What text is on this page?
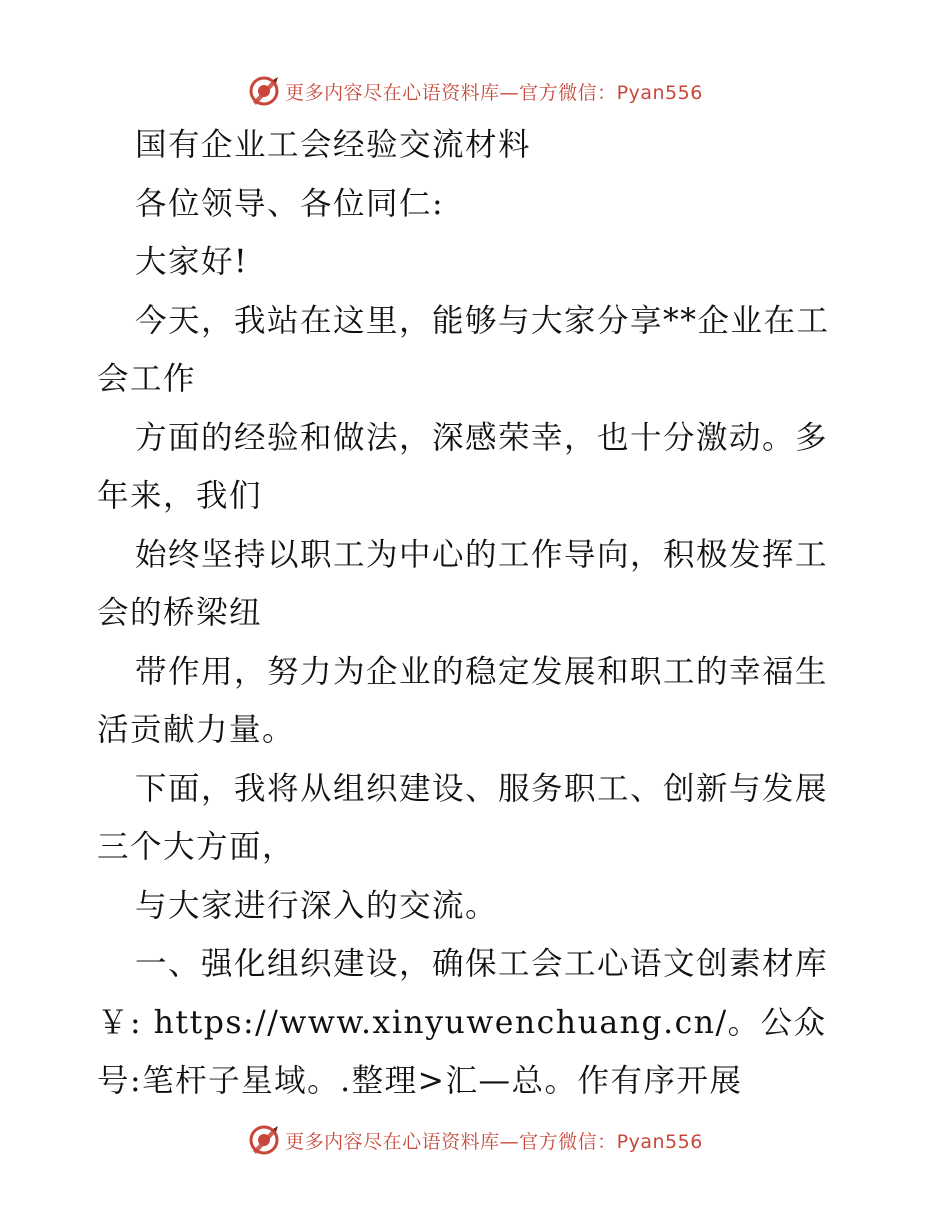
更多内容尽在心语资料库—官方微信：Pyan556

国有企业工会经验交流材料

各位领导、各位同仁:

大家好!

今天，我站在这里，能够与大家分享**企业在工会工作

方面的经验和做法，深感荣幸，也十分激动。多年来，我们

始终坚持以职工为中心的工作导向，积极发挥工会的桥梁纽

带作用，努力为企业的稳定发展和职工的幸福生活贡献力量。

下面，我将从组织建设、服务职工、创新与发展三个大方面，

与大家进行深入的交流。

一、强化组织建设，确保工会工心语文创素材库￥: https://www.xinyuwenchuang.cn/。公众号:笔杆子星域。.整理>汇—总。作有序开展

更多内容尽在心语资料库—官方微信：Pyan556
